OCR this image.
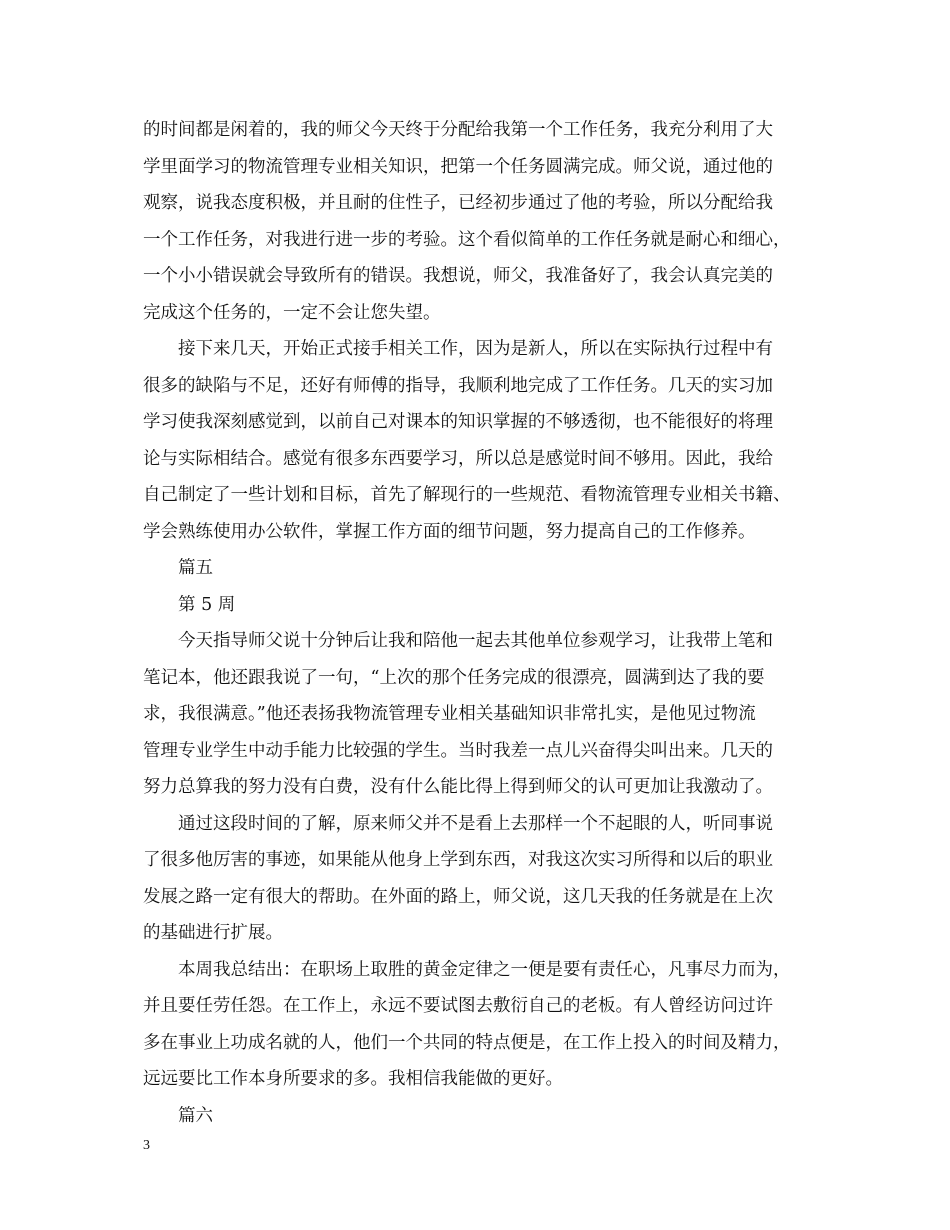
的时间都是闲着的，我的师父今天终于分配给我第一个工作任务，我充分利用了大
学里面学习的物流管理专业相关知识，把第一个任务圆满完成。师父说，通过他的
观察，说我态度积极，并且耐的住性子，已经初步通过了他的考验，所以分配给我
一个工作任务，对我进行进一步的考验。这个看似简单的工作任务就是耐心和细心，
一个小小错误就会导致所有的错误。我想说，师父，我准备好了，我会认真完美的
完成这个任务的，一定不会让您失望。
接下来几天，开始正式接手相关工作，因为是新人，所以在实际执行过程中有
很多的缺陷与不足，还好有师傅的指导，我顺利地完成了工作任务。几天的实习加
学习使我深刻感觉到，以前自己对课本的知识掌握的不够透彻，也不能很好的将理
论与实际相结合。感觉有很多东西要学习，所以总是感觉时间不够用。因此，我给
自己制定了一些计划和目标，首先了解现行的一些规范、看物流管理专业相关书籍、
学会熟练使用办公软件，掌握工作方面的细节问题，努力提高自己的工作修养。
篇五
第 5 周
今天指导师父说十分钟后让我和陪他一起去其他单位参观学习，让我带上笔和
笔记本，他还跟我说了一句，“上次的那个任务完成的很漂亮，圆满到达了我的要
求，我很满意。”他还表扬我物流管理专业相关基础知识非常扎实，是他见过物流
管理专业学生中动手能力比较强的学生。当时我差一点儿兴奋得尖叫出来。几天的
努力总算我的努力没有白费，没有什么能比得上得到师父的认可更加让我激动了。
通过这段时间的了解，原来师父并不是看上去那样一个不起眼的人，听同事说
了很多他厉害的事迹，如果能从他身上学到东西，对我这次实习所得和以后的职业
发展之路一定有很大的帮助。在外面的路上，师父说，这几天我的任务就是在上次
的基础进行扩展。
本周我总结出：在职场上取胜的黄金定律之一便是要有责任心，凡事尽力而为，
并且要任劳任怨。在工作上，永远不要试图去敷衍自己的老板。有人曾经访问过许
多在事业上功成名就的人，他们一个共同的特点便是，在工作上投入的时间及精力，
远远要比工作本身所要求的多。我相信我能做的更好。
篇六
3
